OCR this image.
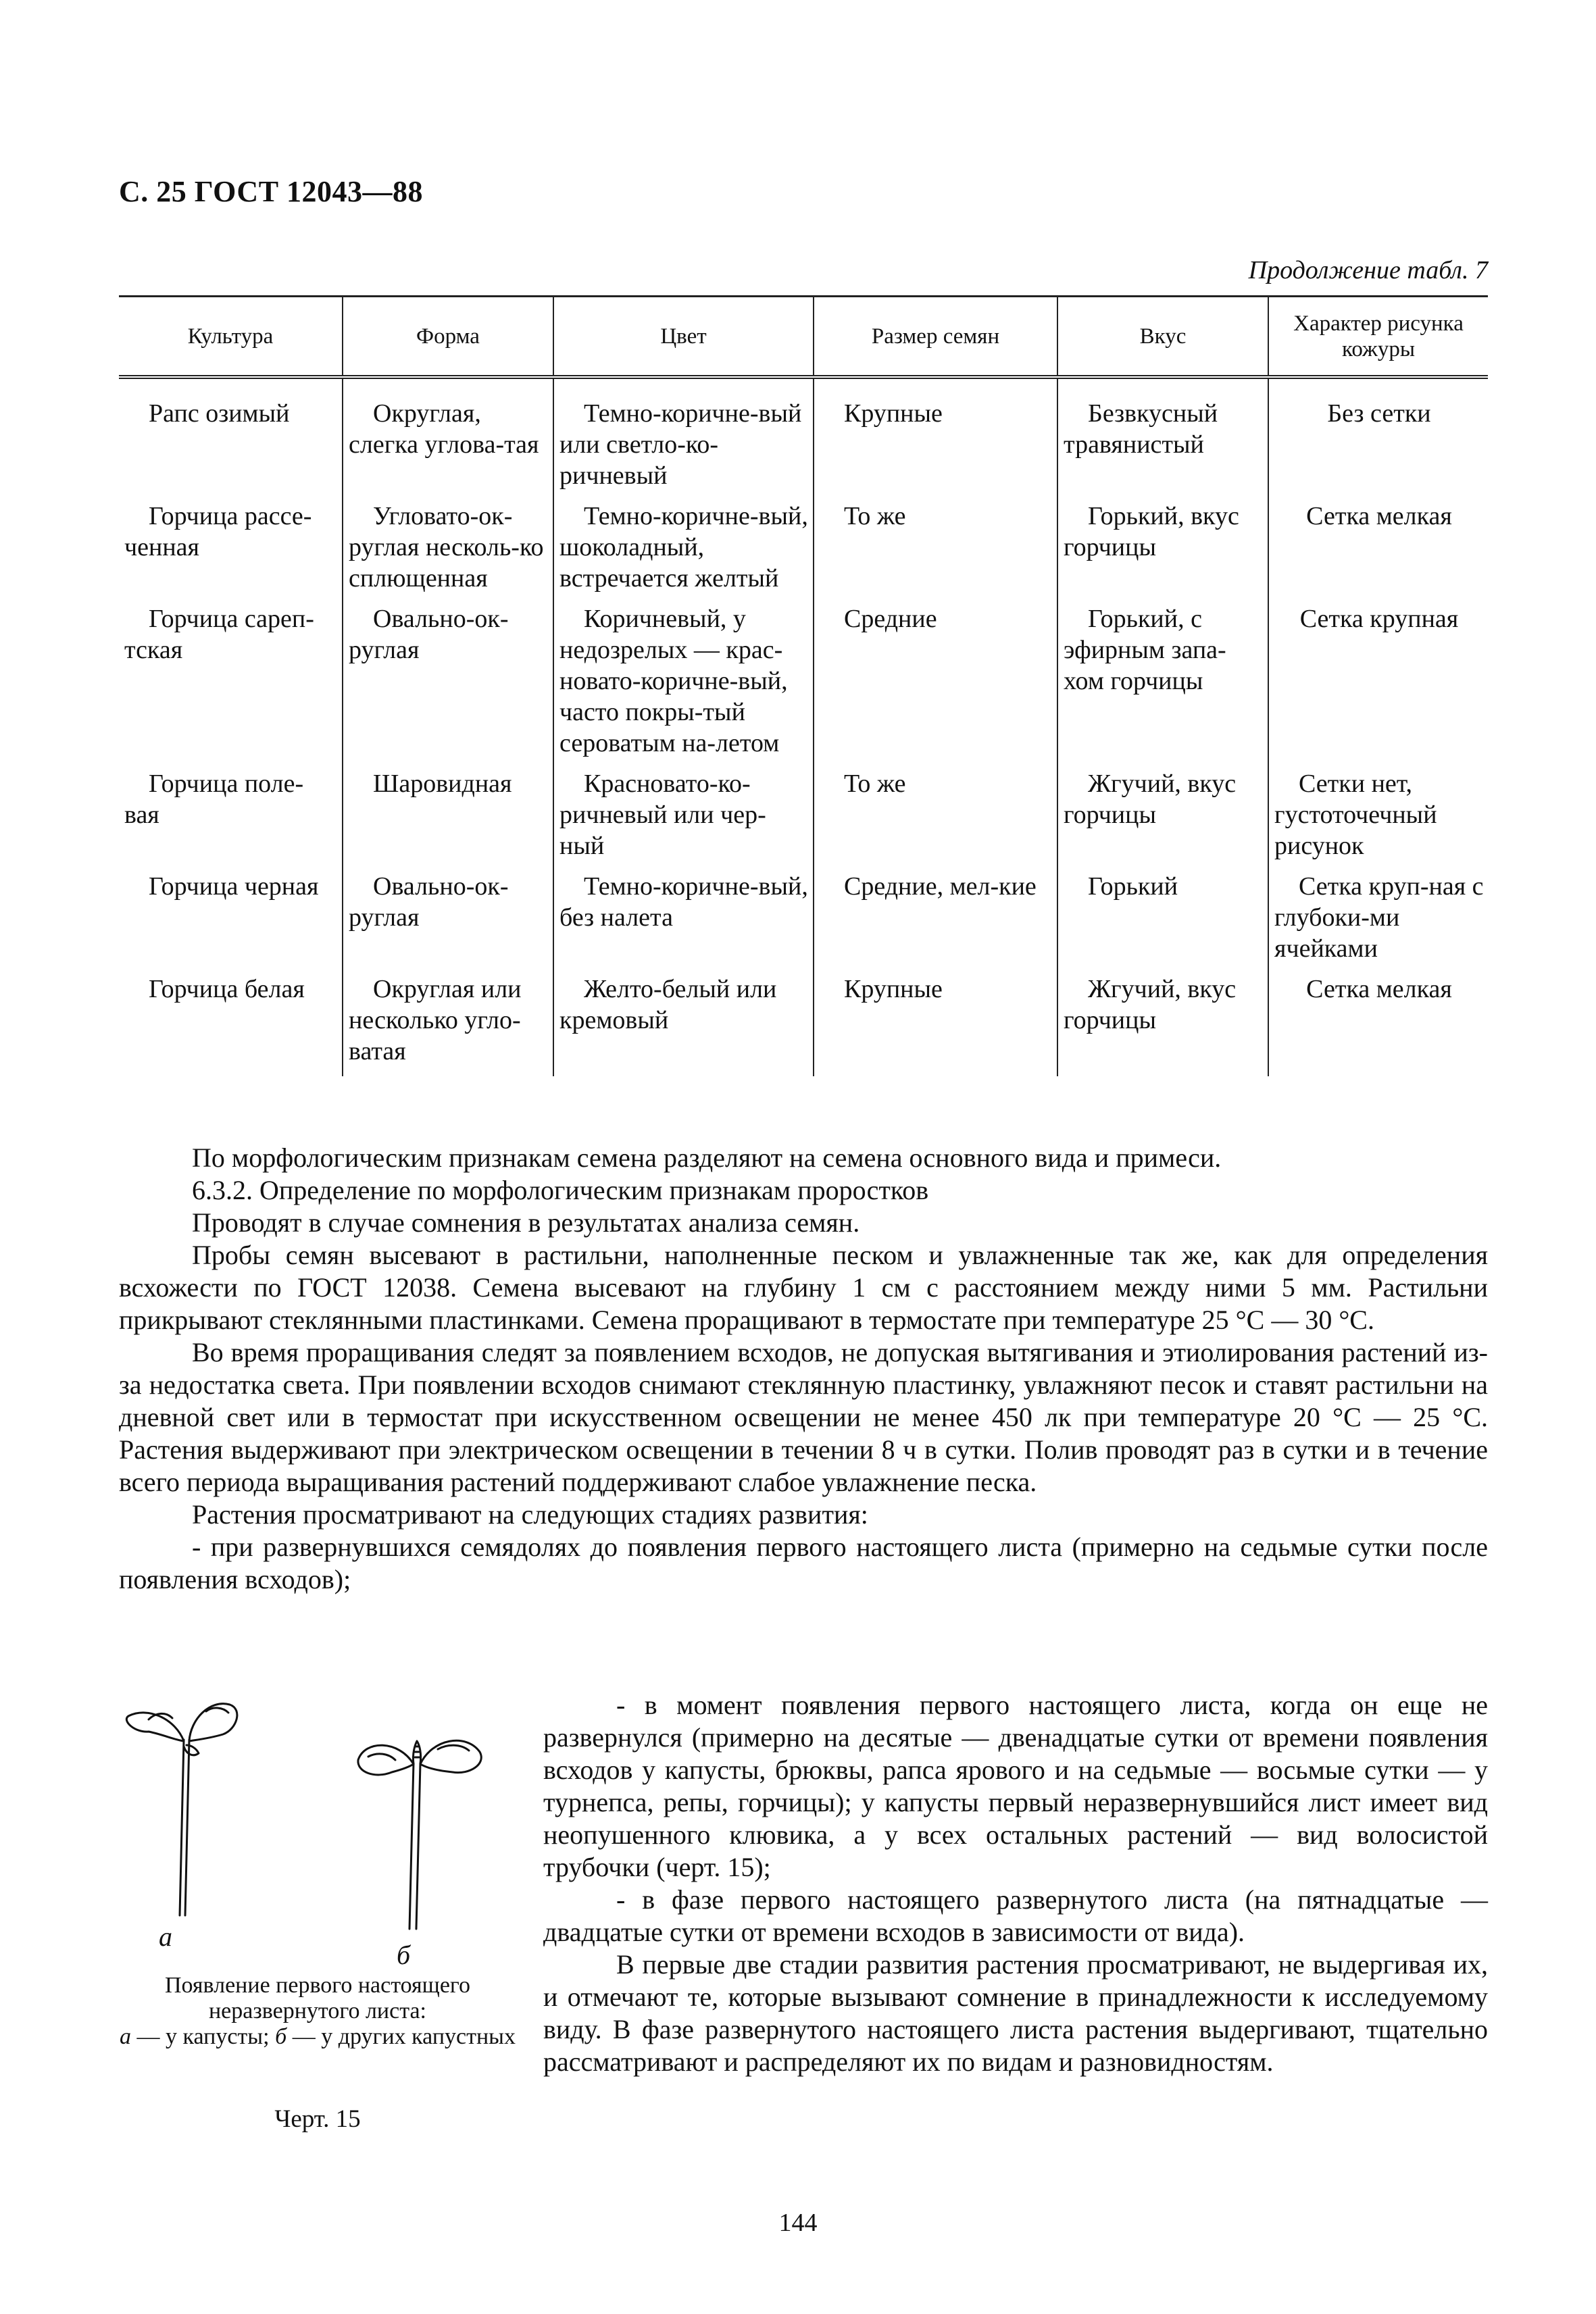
С. 25 ГОСТ 12043—88
Продолжение табл. 7
Культура	Форма	Цвет	Размер семян	Вкус	Характер рисунка кожуры
Рапс озимый	Округлая, слегка углова-тая	Темно-коричне-вый или светло-ко-ричневый	Крупные	Безвкусный травянистый	Без сетки
Горчица рассе-ченная	Угловато-ок-руглая несколь-ко сплющенная	Темно-коричне-вый, шоколадный, встречается желтый	То же	Горький, вкус горчицы	Сетка мелкая
Горчица сареп-тская	Овально-ок-руглая	Коричневый, у недозрелых — крас-новато-коричне-вый, часто покры-тый сероватым на-летом	Средние	Горький, с эфирным запа-хом горчицы	Сетка крупная
Горчица поле-вая	Шаровидная	Красновато-ко-ричневый или чер-ный	То же	Жгучий, вкус горчицы	Сетки нет, густоточечный рисунок
Горчица черная	Овально-ок-руглая	Темно-коричне-вый, без налета	Средние, мел-кие	Горький	Сетка круп-ная с глубоки-ми ячейками
Горчица белая	Округлая или несколько угло-ватая	Желто-белый или кремовый	Крупные	Жгучий, вкус горчицы	Сетка мелкая

По морфологическим признакам семена разделяют на семена основного вида и примеси.

6.3.2. Определение по морфологическим признакам проростков

Проводят в случае сомнения в результатах анализа семян.

Пробы семян высевают в растильни, наполненные песком и увлажненные так же, как для определения всхожести по ГОСТ 12038. Семена высевают на глубину 1 см с расстоянием между ними 5 мм. Растильни прикрывают стеклянными пластинками. Семена проращивают в термостате при температуре 25 °С — 30 °С.

Во время проращивания следят за появлением всходов, не допуская вытягивания и этиолирования растений из-за недостатка света. При появлении всходов снимают стеклянную пластинку, увлажняют песок и ставят растильни на дневной свет или в термостат при искусственном освещении не менее 450 лк при температуре 20 °С — 25 °С. Растения выдерживают при электрическом освещении в течении 8 ч в сутки. Полив проводят раз в сутки и в течение всего периода выращивания растений поддерживают слабое увлажнение песка.

Растения просматривают на следующих стадиях развития:

- при развернувшихся семядолях до появления первого настоящего листа (примерно на седьмые сутки после появления всходов);

- в момент появления первого настоящего листа, когда он еще не развернулся (примерно на десятые — двенадцатые сутки от времени появления всходов у капусты, брюквы, рапса ярового и на седьмые — восьмые сутки — у турнепса, репы, горчицы); у капусты первый неразвернувшийся лист имеет вид неопушенного клювика, а у всех остальных растений — вид волосистой трубочки (черт. 15);

- в фазе первого настоящего развернутого листа (на пятнадцатые — двадцатые сутки от времени всходов в зависимости от вида).

В первые две стадии развития растения просматривают, не выдергивая их, и отмечают те, которые вызывают сомнение в принадлежности к исследуемому виду. В фазе развернутого настоящего листа растения выдергивают, тщательно рассматривают и распределяют их по видам и разновидностям.

а
б
Появление первого настоящего неразвернутого листа:
а — у капусты; б — у других капустных
Черт. 15
144
